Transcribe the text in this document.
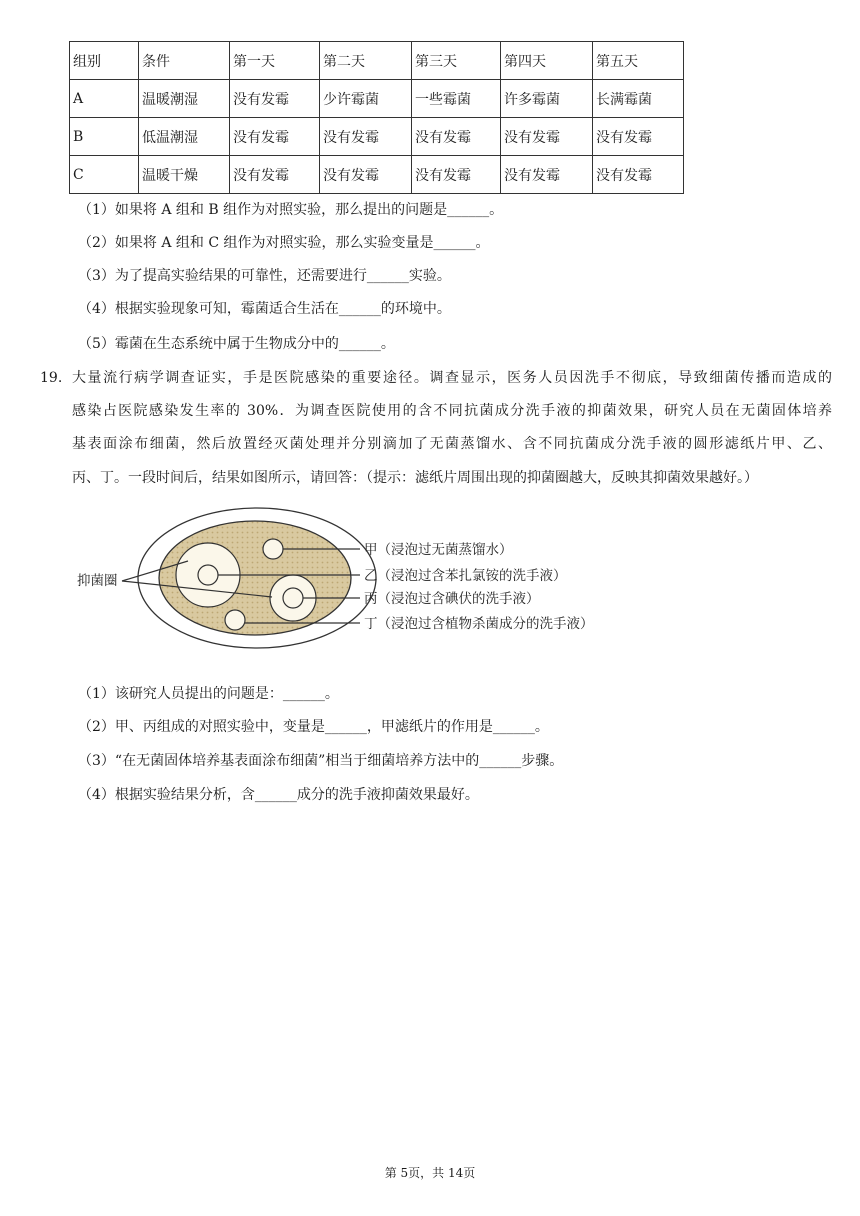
组别	条件	第一天	第二天	第三天	第四天	第五天
A	温暖潮湿	没有发霉	少许霉菌	一些霉菌	许多霉菌	长满霉菌
B	低温潮湿	没有发霉	没有发霉	没有发霉	没有发霉	没有发霉
C	温暖干燥	没有发霉	没有发霉	没有发霉	没有发霉	没有发霉
（1）如果将 A 组和 B 组作为对照实验，那么提出的问题是______。
（2）如果将 A 组和 C 组作为对照实验，那么实验变量是______。
（3）为了提高实验结果的可靠性，还需要进行______实验。
（4）根据实验现象可知，霉菌适合生活在______的环境中。
（5）霉菌在生态系统中属于生物成分中的______。
19. 大量流行病学调查证实，手是医院感染的重要途径。调查显示，医务人员因洗手不彻底，导致细菌传播而造成的
感染占医院感染发生率的 30%．为调查医院使用的含不同抗菌成分洗手液的抑菌效果，研究人员在无菌固体培养
基表面涂布细菌，然后放置经灭菌处理并分别滴加了无菌蒸馏水、含不同抗菌成分洗手液的圆形滤纸片甲、乙、
丙、丁。一段时间后，结果如图所示，请回答：（提示：滤纸片周围出现的抑菌圈越大，反映其抑菌效果越好。）
抑菌圈
甲（浸泡过无菌蒸馏水）
乙（浸泡过含苯扎氯铵的洗手液）
丙（浸泡过含碘伏的洗手液）
丁（浸泡过含植物杀菌成分的洗手液）
（1）该研究人员提出的问题是：______。
（2）甲、丙组成的对照实验中，变量是______，甲滤纸片的作用是______。
（3）“在无菌固体培养基表面涂布细菌”相当于细菌培养方法中的______步骤。
（4）根据实验结果分析，含______成分的洗手液抑菌效果最好。
第 5页，共 14页
